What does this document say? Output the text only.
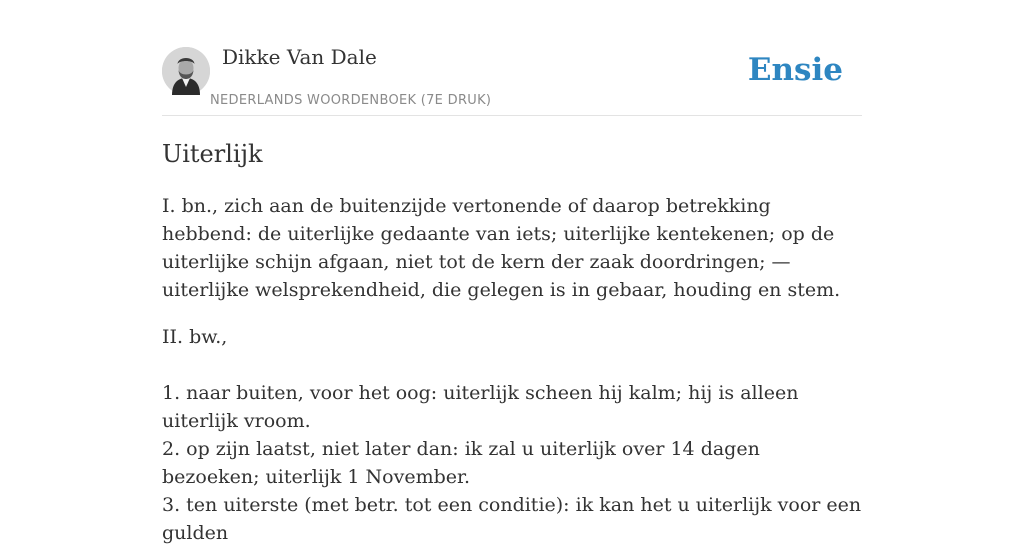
Dikke Van Dale
NEDERLANDS WOORDENBOEK (7E DRUK)
Ensie
Uiterlijk

I. bn., zich aan de buitenzijde vertonende of daarop betrekking hebbend: de uiterlijke gedaante van iets; uiterlijke kentekenen; op de uiterlijke schijn afgaan, niet tot de kern der zaak doordringen; — uiterlijke welsprekendheid, die gelegen is in gebaar, houding en stem.

II. bw.,

1. naar buiten, voor het oog: uiterlijk scheen hij kalm; hij is alleen uiterlijk vroom.

2. op zijn laatst, niet later dan: ik zal u uiterlijk over 14 dagen bezoeken; uiterlijk 1 November.

3. ten uiterste (met betr. tot een conditie): ik kan het u uiterlijk voor een gulden
